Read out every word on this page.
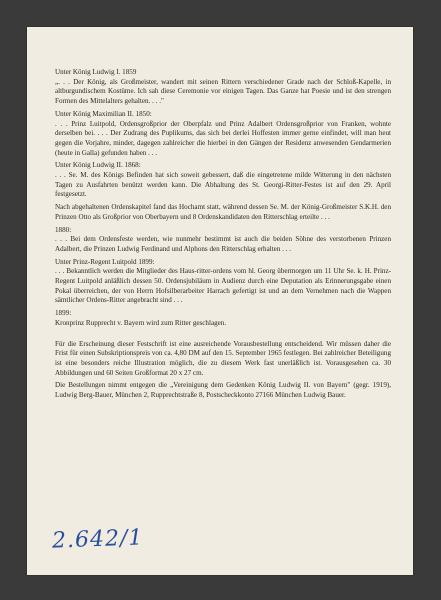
Unter König Ludwig I. 1859

„. . . Der König, als Großmeister, wandert mit seinen Rittern verschiedener Grade nach der Schloß-Kapelle, in altburgundischem Kostüme. Ich sah diese Ceremonie vor einigen Tagen. Das Ganze hat Poesie und ist den strengen Formen des Mittelalters gehalten. . . ."

Unter König Maximilian II. 1850:

. . . Prinz Luitpold, Ordensgroßprior der Oberpfalz und Prinz Adalbert Ordensgroßprior von Franken, wohnte derselben bei. . . . Der Zudrang des Puplikums, das sich bei derlei Hoffesten immer gerne einfindet, will man heut gegen die Vorjahre, minder, dagegen zahlreicher die hierbei in den Gängen der Residenz anwesenden Gendarmerien (heute in Galla) gefunden haben . . .

Unter König Ludwig II. 1868:

. . . Se. M. des Königs Befinden hat sich soweit gebessert, daß die eingetretene milde Witterung in den nächsten Tagen zu Ausfahrten benützt werden kann. Die Abhaltung des St. Georgi-Ritter-Festes ist auf den 29. April festgesetzt.

Nach abgehaltenen Ordenskapitel fand das Hochamt statt, während dessen Se. M. der König-Großmeister S.K.H. den Prinzen Otto als Großprior von Oberbayern und 8 Ordenskandidaten den Ritterschlag erteilte . . .

1880:

. . . Bei dem Ordensfeste werden, wie nunmehr bestimmt ist auch die beiden Söhne des verstorbenen Prinzen Adalbert, die Prinzen Ludwig Ferdinand und Alphons den Ritterschlag erhalten . . .

Unter Prinz-Regent Luitpold 1899:

. . . Bekanntlich werden die Mitglieder des Haus-ritter-ordens vom hl. Georg übermorgen um 11 Uhr Se. k. H. Prinz-Regent Luitpold anläßlich dessen 50. Ordensjubiläum in Audienz durch eine Deputation als Erinnerungsgabe einen Pokal überreichen, der von Herrn Hofsilberarbeiter Harrach gefertigt ist und an dem Vernehmen nach die Wappen sämtlicher Ordens-Ritter angebracht sind . . .

1899:

Kronprinz Rupprecht v. Bayern wird zum Ritter geschlagen.

Für die Erscheinung dieser Festschrift ist eine ausreichende Vorausbestellung entscheidend. Wir müssen daher die Frist für einen Subskriptionspreis von ca. 4,80 DM auf den 15. September 1965 festlegen. Bei zahlreicher Beteiligung ist eine besonders reiche Illustration möglich, die zu diesem Werk fast unerläßlich ist. Vorausgesehen ca. 30 Abbildungen und 60 Seiten Großformat 20 x 27 cm.

Die Bestellungen nimmt entgegen die „Vereinigung dem Gedenken König Ludwig II. von Bayern" (gegr. 1919), Ludwig Berg-Bauer, München 2, Rupprechtstraße 8, Postscheckkonto 27166 München Ludwig Bauer.

2.642/1
